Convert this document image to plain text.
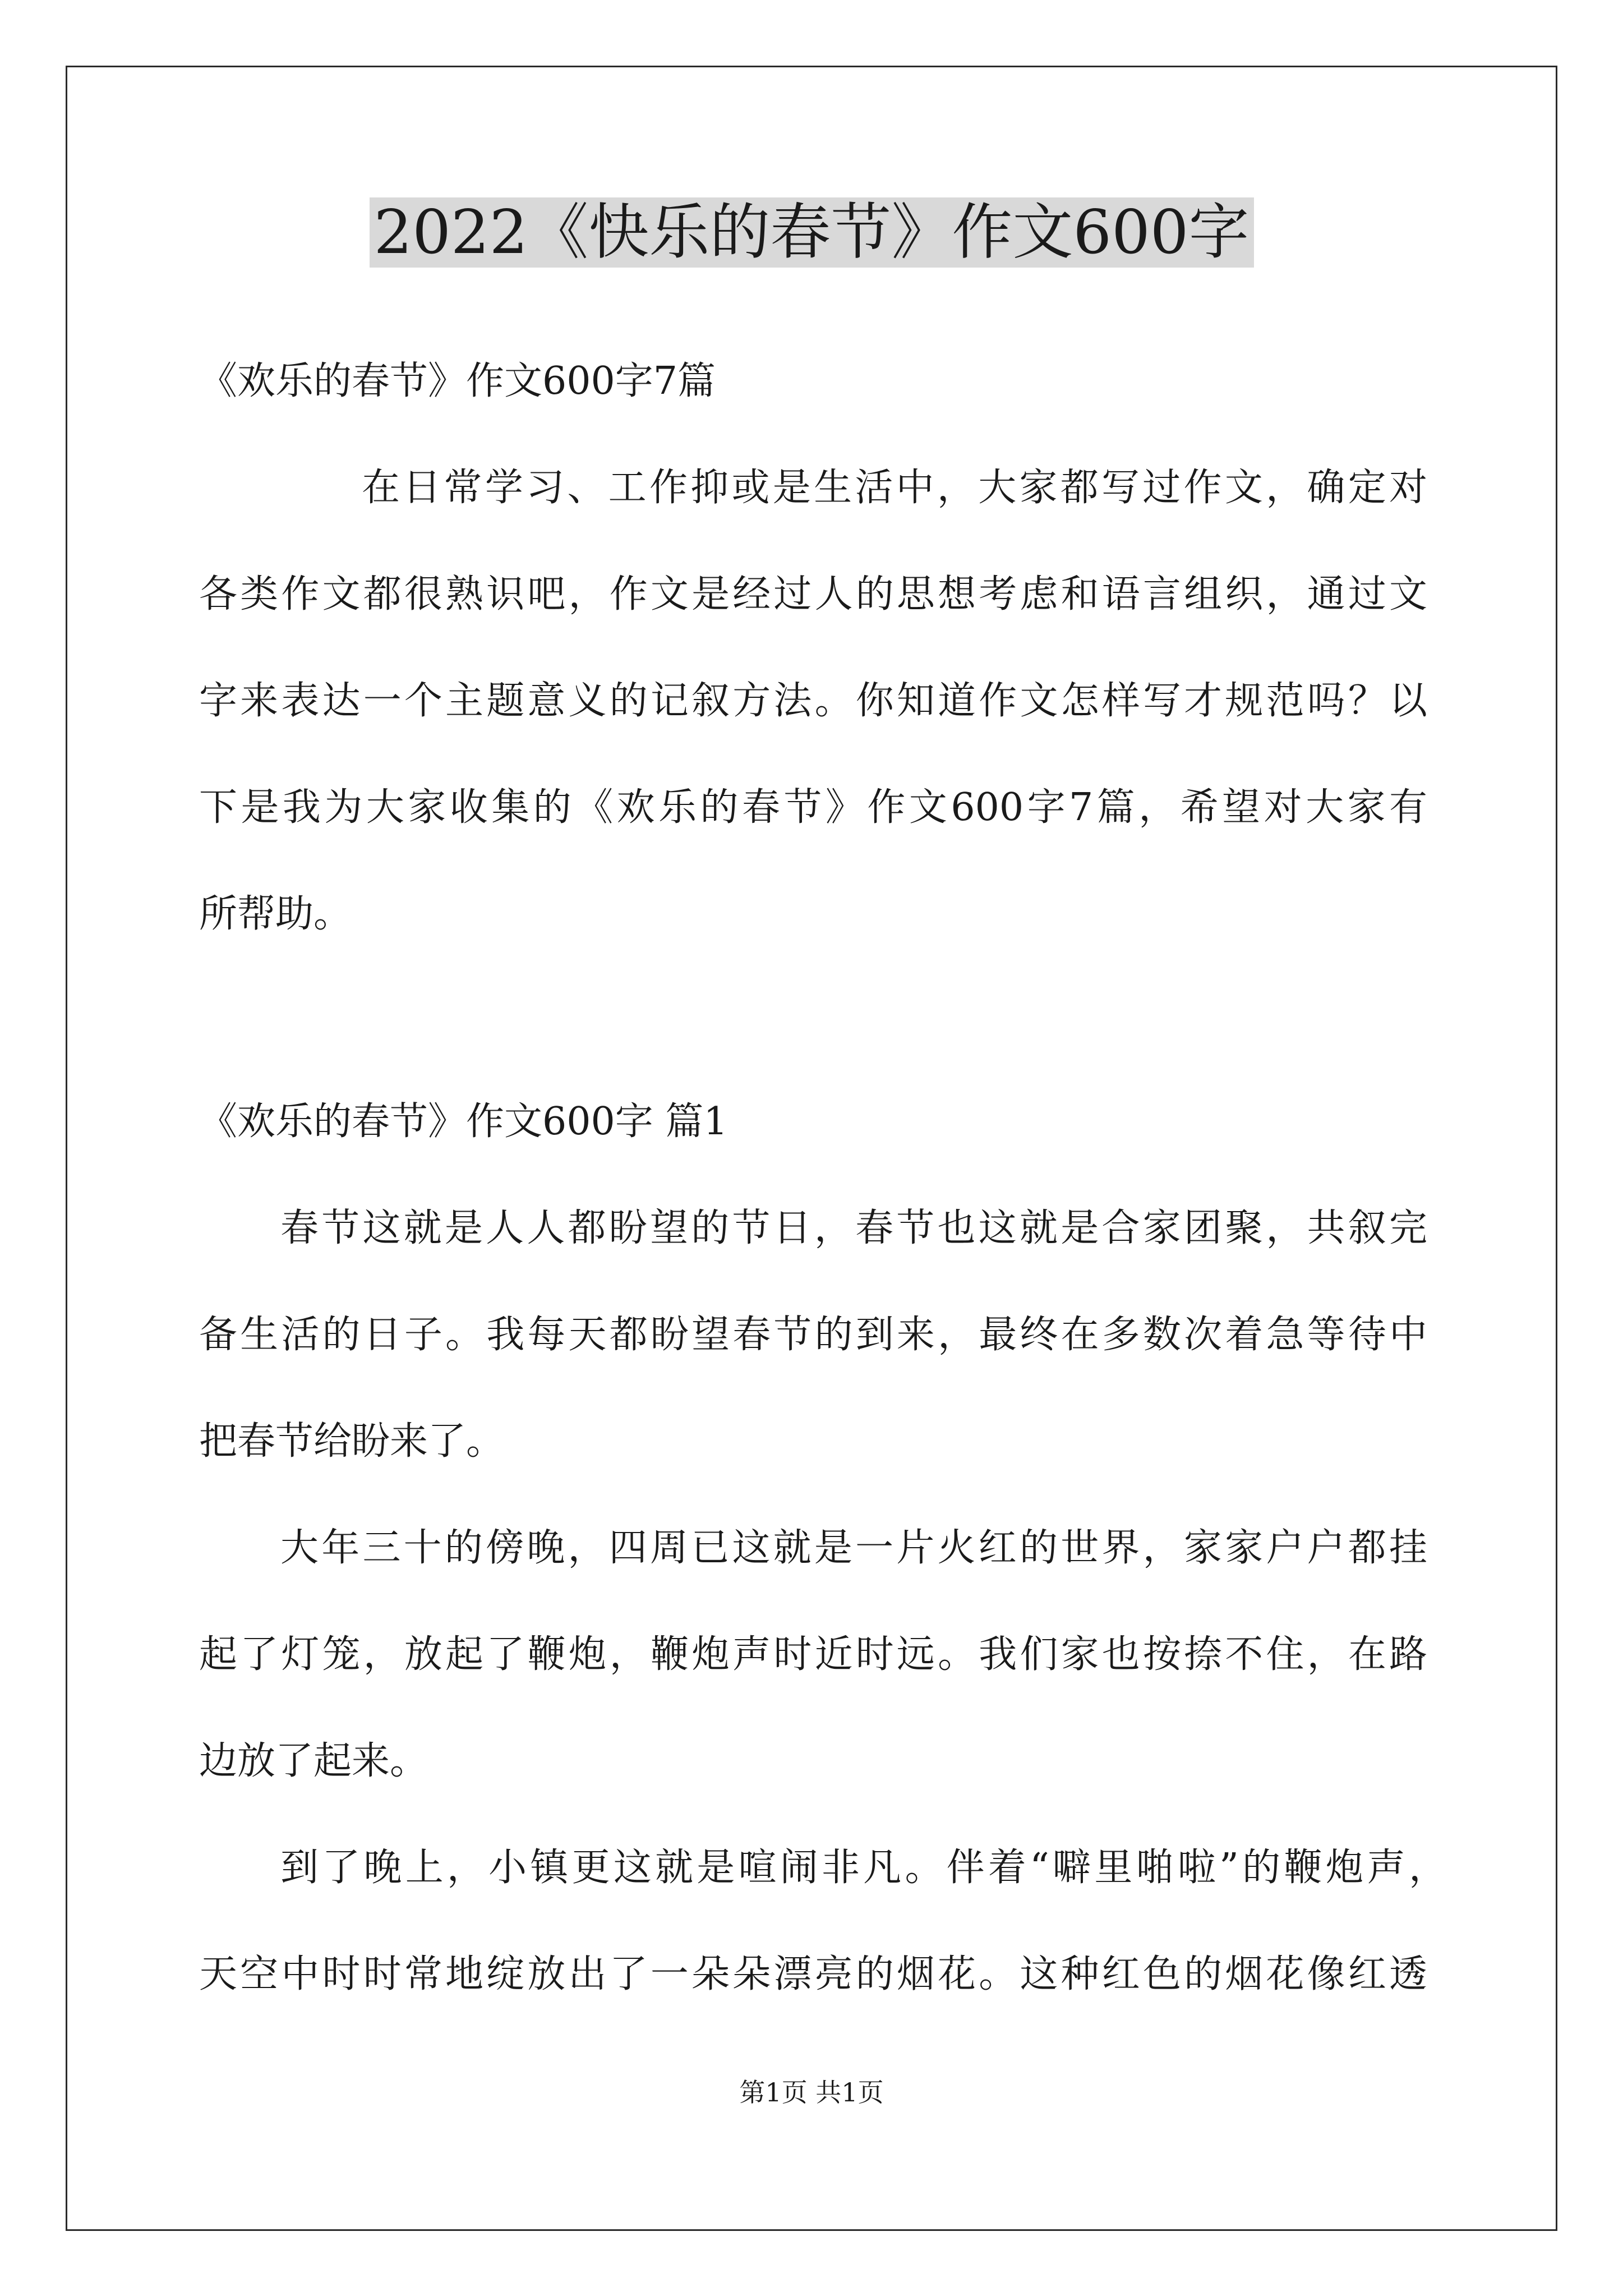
2022《快乐的春节》作文600字

《欢乐的春节》作文600字7篇

在日常学习、工作抑或是生活中，大家都写过作文，确定对

各类作文都很熟识吧，作文是经过人的思想考虑和语言组织，通过文

字来表达一个主题意义的记叙方法。你知道作文怎样写才规范吗？以

下是我为大家收集的《欢乐的春节》作文600字7篇，希望对大家有

所帮助。

《欢乐的春节》作文600字 篇1

春节这就是人人都盼望的节日，春节也这就是合家团聚，共叙完

备生活的日子。我每天都盼望春节的到来，最终在多数次着急等待中

把春节给盼来了。

大年三十的傍晚，四周已这就是一片火红的世界，家家户户都挂

起了灯笼，放起了鞭炮，鞭炮声时近时远。我们家也按捺不住，在路

边放了起来。

到了晚上，小镇更这就是喧闹非凡。伴着“噼里啪啦”的鞭炮声，

天空中时时常地绽放出了一朵朵漂亮的烟花。这种红色的烟花像红透

第1页 共1页
